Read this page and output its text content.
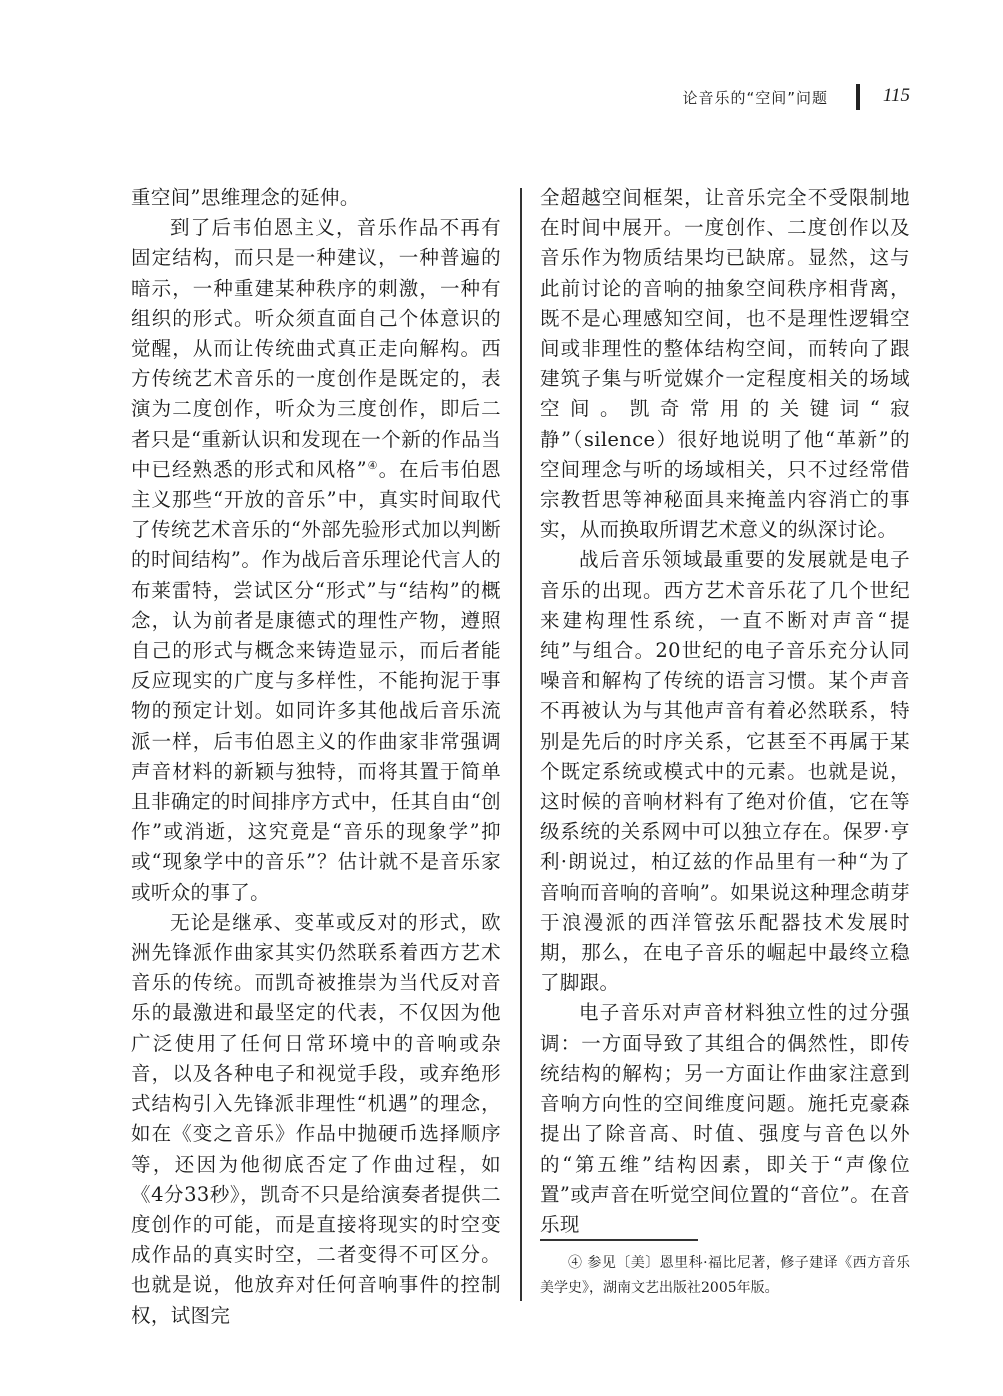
论音乐的“空间”问题	115

重空间”思维理念的延伸。

到了后韦伯恩主义，音乐作品不再有固定结构，而只是一种建议，一种普遍的暗示，一种重建某种秩序的刺激，一种有组织的形式。听众须直面自己个体意识的觉醒，从而让传统曲式真正走向解构。西方传统艺术音乐的一度创作是既定的，表演为二度创作，听众为三度创作，即后二者只是“重新认识和发现在一个新的作品当中已经熟悉的形式和风格”④。在后韦伯恩主义那些“开放的音乐”中，真实时间取代了传统艺术音乐的“外部先验形式加以判断的时间结构”。作为战后音乐理论代言人的布莱雷特，尝试区分“形式”与“结构”的概念，认为前者是康德式的理性产物，遵照自己的形式与概念来铸造显示，而后者能反应现实的广度与多样性，不能拘泥于事物的预定计划。如同许多其他战后音乐流派一样，后韦伯恩主义的作曲家非常强调声音材料的新颖与独特，而将其置于简单且非确定的时间排序方式中，任其自由“创作”或消逝，这究竟是“音乐的现象学”抑或“现象学中的音乐”？估计就不是音乐家或听众的事了。

无论是继承、变革或反对的形式，欧洲先锋派作曲家其实仍然联系着西方艺术音乐的传统。而凯奇被推崇为当代反对音乐的最激进和最坚定的代表，不仅因为他广泛使用了任何日常环境中的音响或杂音，以及各种电子和视觉手段，或弃绝形式结构引入先锋派非理性“机遇”的理念，如在《变之音乐》作品中抛硬币选择顺序等，还因为他彻底否定了作曲过程，如《4分33秒》，凯奇不只是给演奏者提供二度创作的可能，而是直接将现实的时空变成作品的真实时空，二者变得不可区分。也就是说，他放弃对任何音响事件的控制权，试图完

全超越空间框架，让音乐完全不受限制地在时间中展开。一度创作、二度创作以及音乐作为物质结果均已缺席。显然，这与此前讨论的音响的抽象空间秩序相背离，既不是心理感知空间，也不是理性逻辑空间或非理性的整体结构空间，而转向了跟建筑子集与听觉媒介一定程度相关的场域空间。凯奇常用的关键词“寂静”（silence）很好地说明了他“革新”的空间理念与听的场域相关，只不过经常借宗教哲思等神秘面具来掩盖内容消亡的事实，从而换取所谓艺术意义的纵深讨论。

战后音乐领域最重要的发展就是电子音乐的出现。西方艺术音乐花了几个世纪来建构理性系统，一直不断对声音“提纯”与组合。20世纪的电子音乐充分认同噪音和解构了传统的语言习惯。某个声音不再被认为与其他声音有着必然联系，特别是先后的时序关系，它甚至不再属于某个既定系统或模式中的元素。也就是说，这时候的音响材料有了绝对价值，它在等级系统的关系网中可以独立存在。保罗·亨利·朗说过，柏辽兹的作品里有一种“为了音响而音响的音响”。如果说这种理念萌芽于浪漫派的西洋管弦乐配器技术发展时期，那么，在电子音乐的崛起中最终立稳了脚跟。

电子音乐对声音材料独立性的过分强调：一方面导致了其组合的偶然性，即传统结构的解构；另一方面让作曲家注意到音响方向性的空间维度问题。施托克豪森提出了除音高、时值、强度与音色以外的“第五维”结构因素，即关于“声像位置”或声音在听觉空间位置的“音位”。在音乐现

④ 参见〔美〕恩里科·福比尼著，修子建译《西方音乐美学史》，湖南文艺出版社2005年版。
